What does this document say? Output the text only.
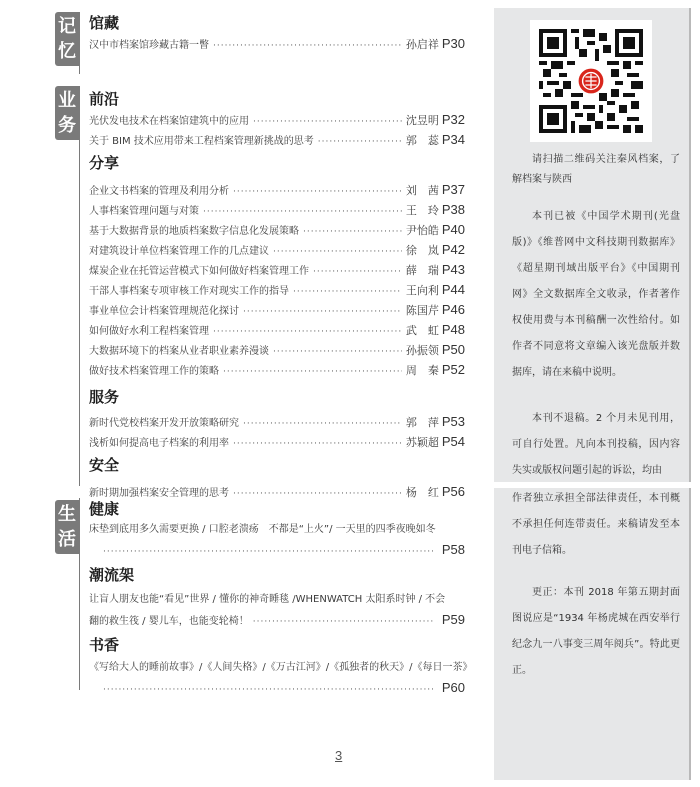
记
忆
馆藏
汉中市档案馆珍藏古籍一瞥 ·····	孙启祥 P30
业
务
前沿
光伏发电技术在档案馆建筑中的应用 ·····	沈昱明 P32
关于 BIM 技术应用带来工程档案管理新挑战的思考 ·····	郭　蕊 P34
分享
企业文书档案的管理及利用分析 ·····	刘　茜 P37
人事档案管理问题与对策 ·····	王　玲 P38
基于大数据背景的地质档案数字信息化发展策略 ·····	尹怡皓 P40
对建筑设计单位档案管理工作的几点建议 ·····	徐　岚 P42
煤炭企业在托管运营模式下如何做好档案管理工作 ·····	薛　瑞 P43
干部人事档案专项审核工作对现实工作的指导 ·····	王向利 P44
事业单位会计档案管理规范化探讨 ·····	陈国芹 P46
如何做好水利工程档案管理 ·····	武　虹 P48
大数据环境下的档案从业者职业素养漫谈 ·····	孙振领 P50
做好技术档案管理工作的策略 ·····	周　秦 P52
服务
新时代党校档案开发开放策略研究 ·····	郭　萍 P53
浅析如何提高电子档案的利用率 ·····	苏颖超 P54
安全
新时期加强档案安全管理的思考 ·····	杨　红 P56
生
活
健康
床垫到底用多久需要更换 / 口腔老溃疡　不都是“上火”/ 一天里的四季夜晚如冬
·····
P58
潮流架
让盲人朋友也能“看见”世界 / 懂你的神奇睡毯 /WHENWATCH 太阳系时钟 / 不会
翻的救生筏 / 婴儿车，也能变轮椅！ ·····	P59
书香
《写给大人的睡前故事》/《人间失格》/《万古江河》/《孤独者的秋天》/《每日一茶》
·····
P60

请扫描二维码关注秦风档案，了解档案与陕西

本刊已被《中国学术期刊(光盘版)》《维普网中文科技期刊数据库》《超星期刊域出版平台》《中国期刊网》全文数据库全文收录，作者著作权使用费与本刊稿酬一次性给付。如作者不同意将文章编入该光盘版并数据库，请在来稿中说明。

本刊不退稿。2 个月未见刊用，可自行处置。凡向本刊投稿，因内容失实或版权问题引起的诉讼，均由

作者独立承担全部法律责任，本刊概不承担任何连带责任。来稿请发至本刊电子信箱。

更正：本刊 2018 年第五期封面图说应是“1934 年杨虎城在西安举行纪念九一八事变三周年阅兵”。特此更正。

3
